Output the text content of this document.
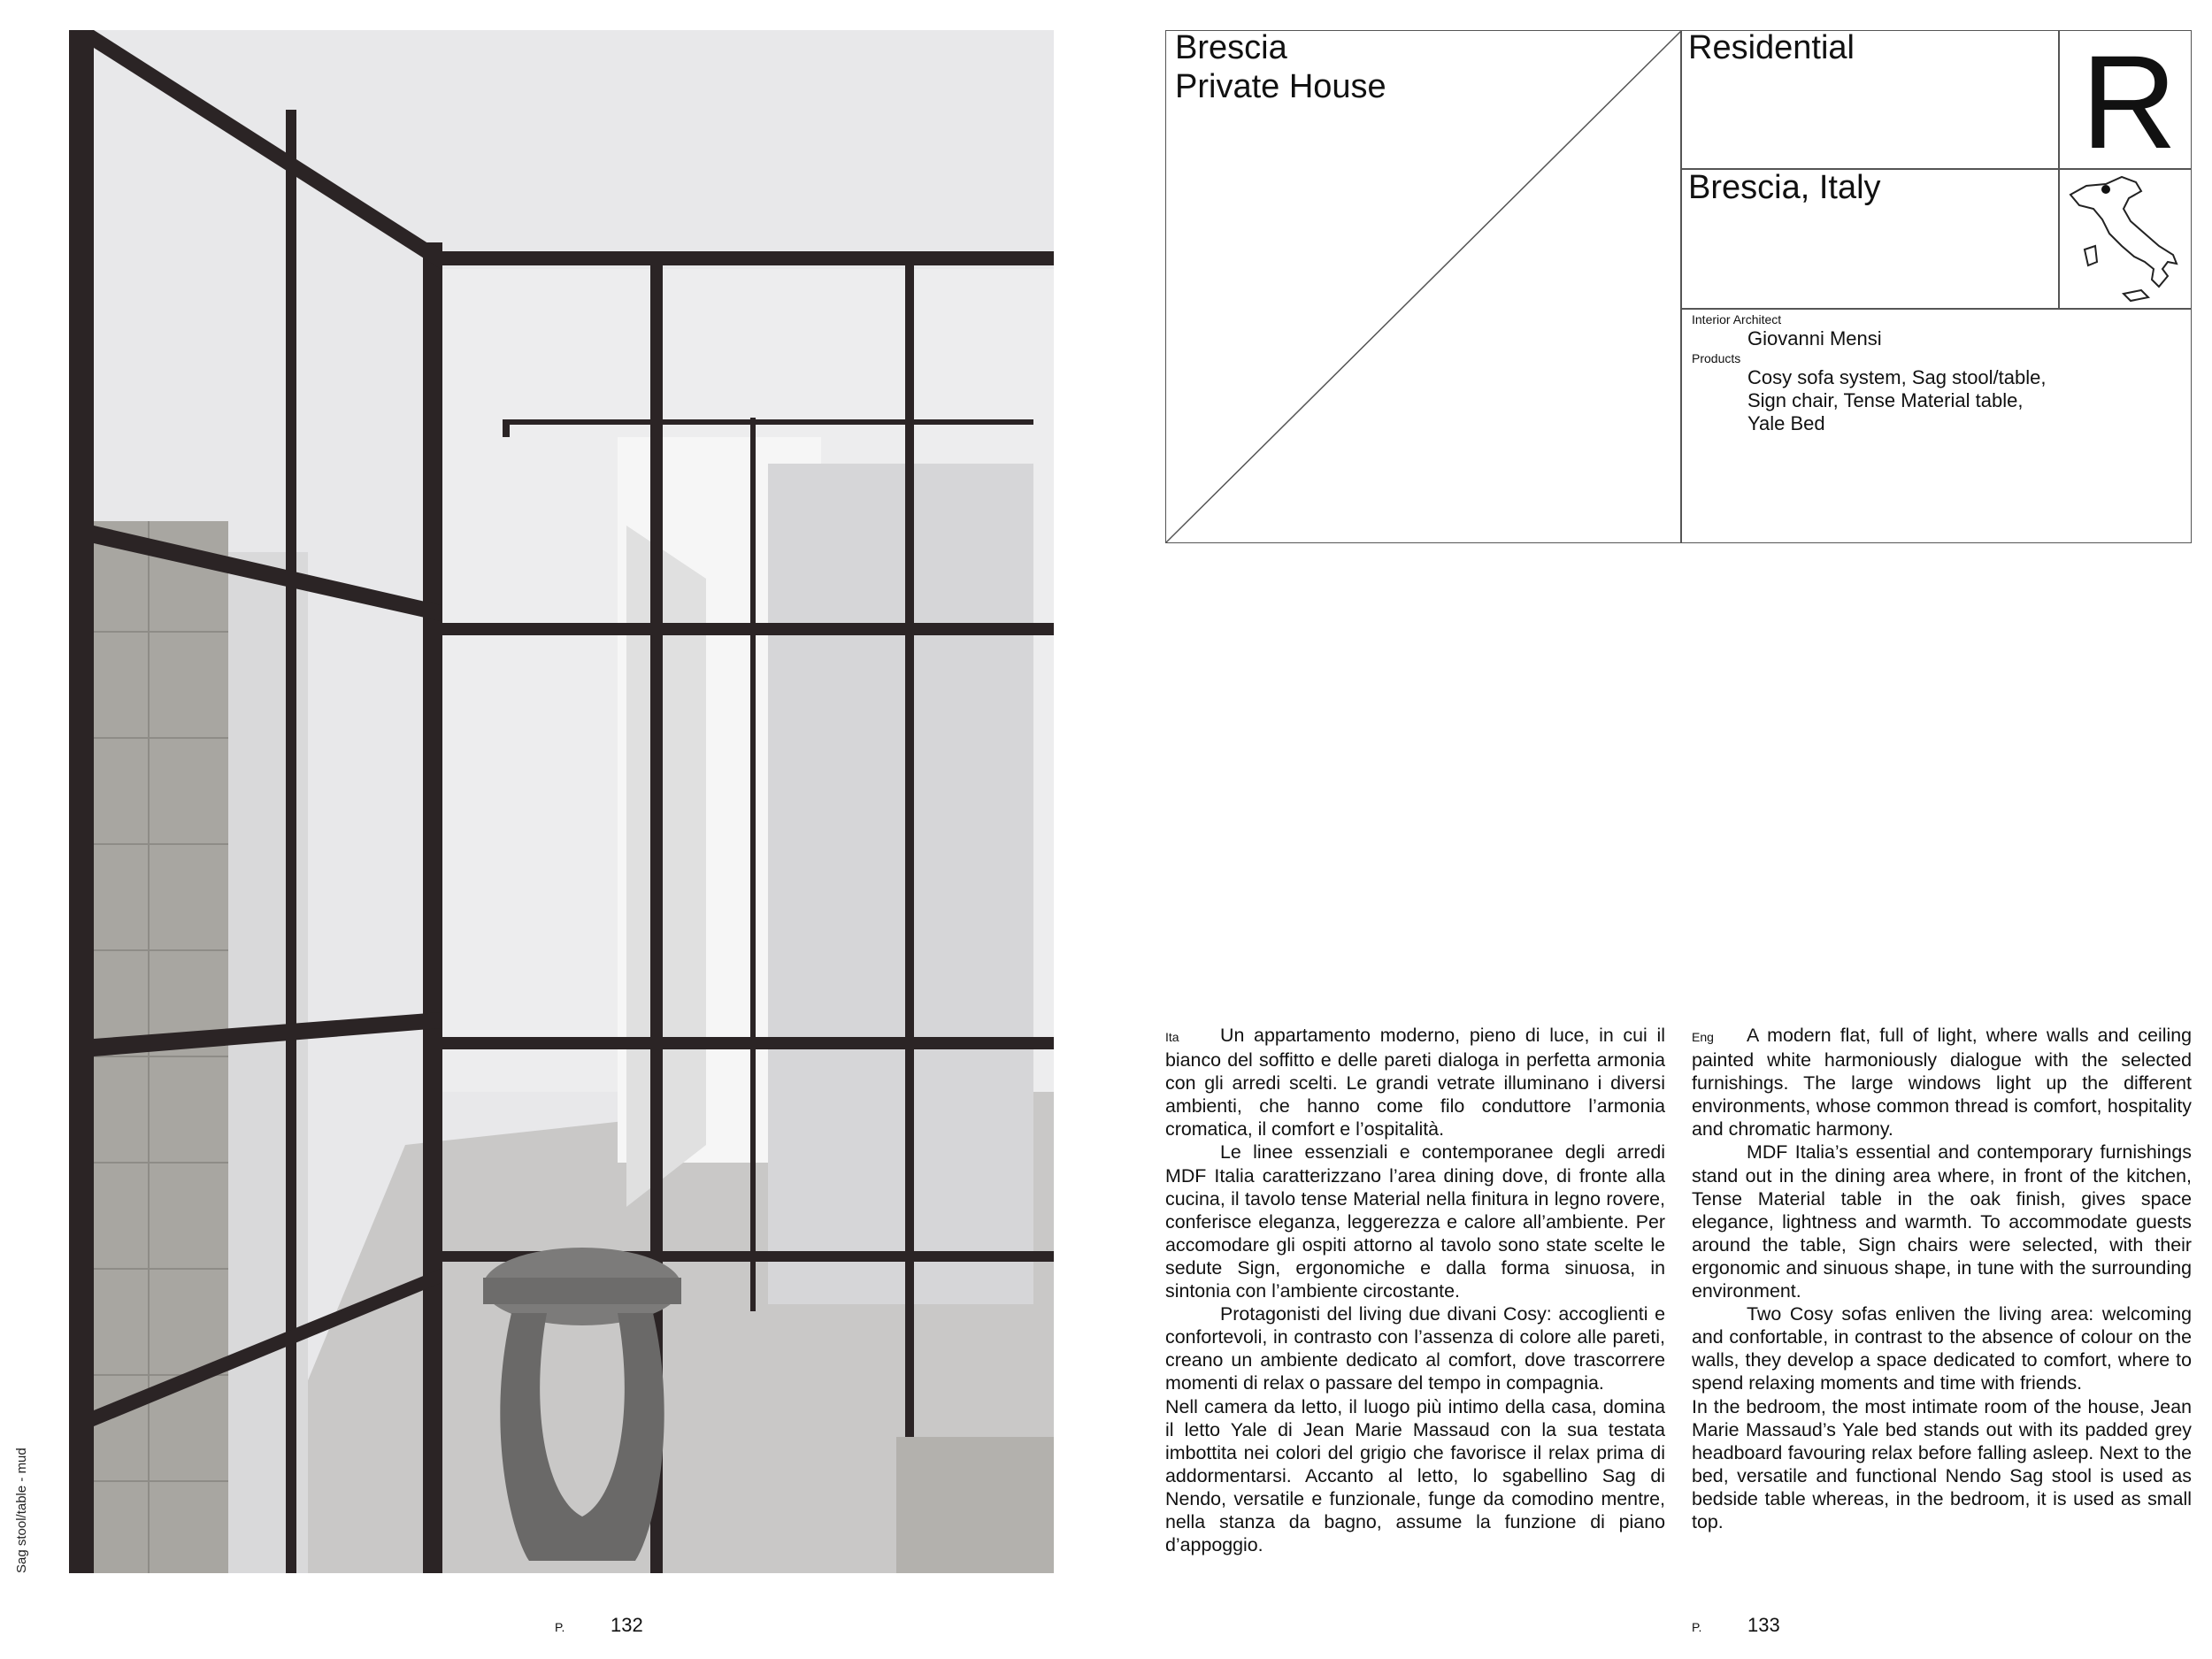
Sag stool/table - mud
Brescia
Private House
Residential R
Brescia, Italy
Interior Architect
Giovanni Mensi
Products
Cosy sofa system, Sag stool/table,
Sign chair, Tense Material table,
Yale Bed

Ita Un appartamento moderno, pieno di luce, in cui il bianco del soffitto e delle pareti dialoga in perfetta armonia con gli arredi scelti. Le grandi vetrate illuminano i diversi ambienti, che hanno come filo conduttore l’armonia cromatica, il comfort e l’ospitalità.

Le linee essenziali e contemporanee degli arredi MDF Italia caratterizzano l’area dining dove, di fronte alla cucina, il tavolo tense Material nella finitura in legno rovere, conferisce eleganza, leggerezza e calore all’ambiente. Per accomodare gli ospiti attorno al tavolo sono state scelte le sedute Sign, ergonomiche e dalla forma sinuosa, in sintonia con l’ambiente circostante.

Protagonisti del living due divani Cosy: accoglienti e confortevoli, in contrasto con l’assenza di colore alle pareti, creano un ambiente dedicato al comfort, dove trascorrere momenti di relax o passare del tempo in compagnia.

Nell camera da letto, il luogo più intimo della casa, domina il letto Yale di Jean Marie Massaud con la sua testata imbottita nei colori del grigio che favorisce il relax prima di addormentarsi. Accanto al letto, lo sgabellino Sag di Nendo, versatile e funzionale, funge da comodino mentre, nella stanza da bagno, assume la funzione di piano d’appoggio.

Eng A modern flat, full of light, where walls and ceiling painted white harmoniously dialogue with the selected furnishings. The large windows light up the different environments, whose common thread is comfort, hospitality and chromatic harmony.

MDF Italia’s essential and contemporary furnishings stand out in the dining area where, in front of the kitchen, Tense Material table in the oak finish, gives space elegance, lightness and warmth. To accommodate guests around the table, Sign chairs were selected, with their ergonomic and sinuous shape, in tune with the surrounding environment.

Two Cosy sofas enliven the living area: welcoming and confortable, in contrast to the absence of colour on the walls, they develop a space dedicated to comfort, where to spend relaxing moments and time with friends.

In the bedroom, the most intimate room of the house, Jean Marie Massaud’s Yale bed stands out with its padded grey headboard favouring relax before falling asleep. Next to the bed, versatile and functional Nendo Sag stool is used as bedside table whereas, in the bedroom, it is used as small top.

P. 132	P. 133
